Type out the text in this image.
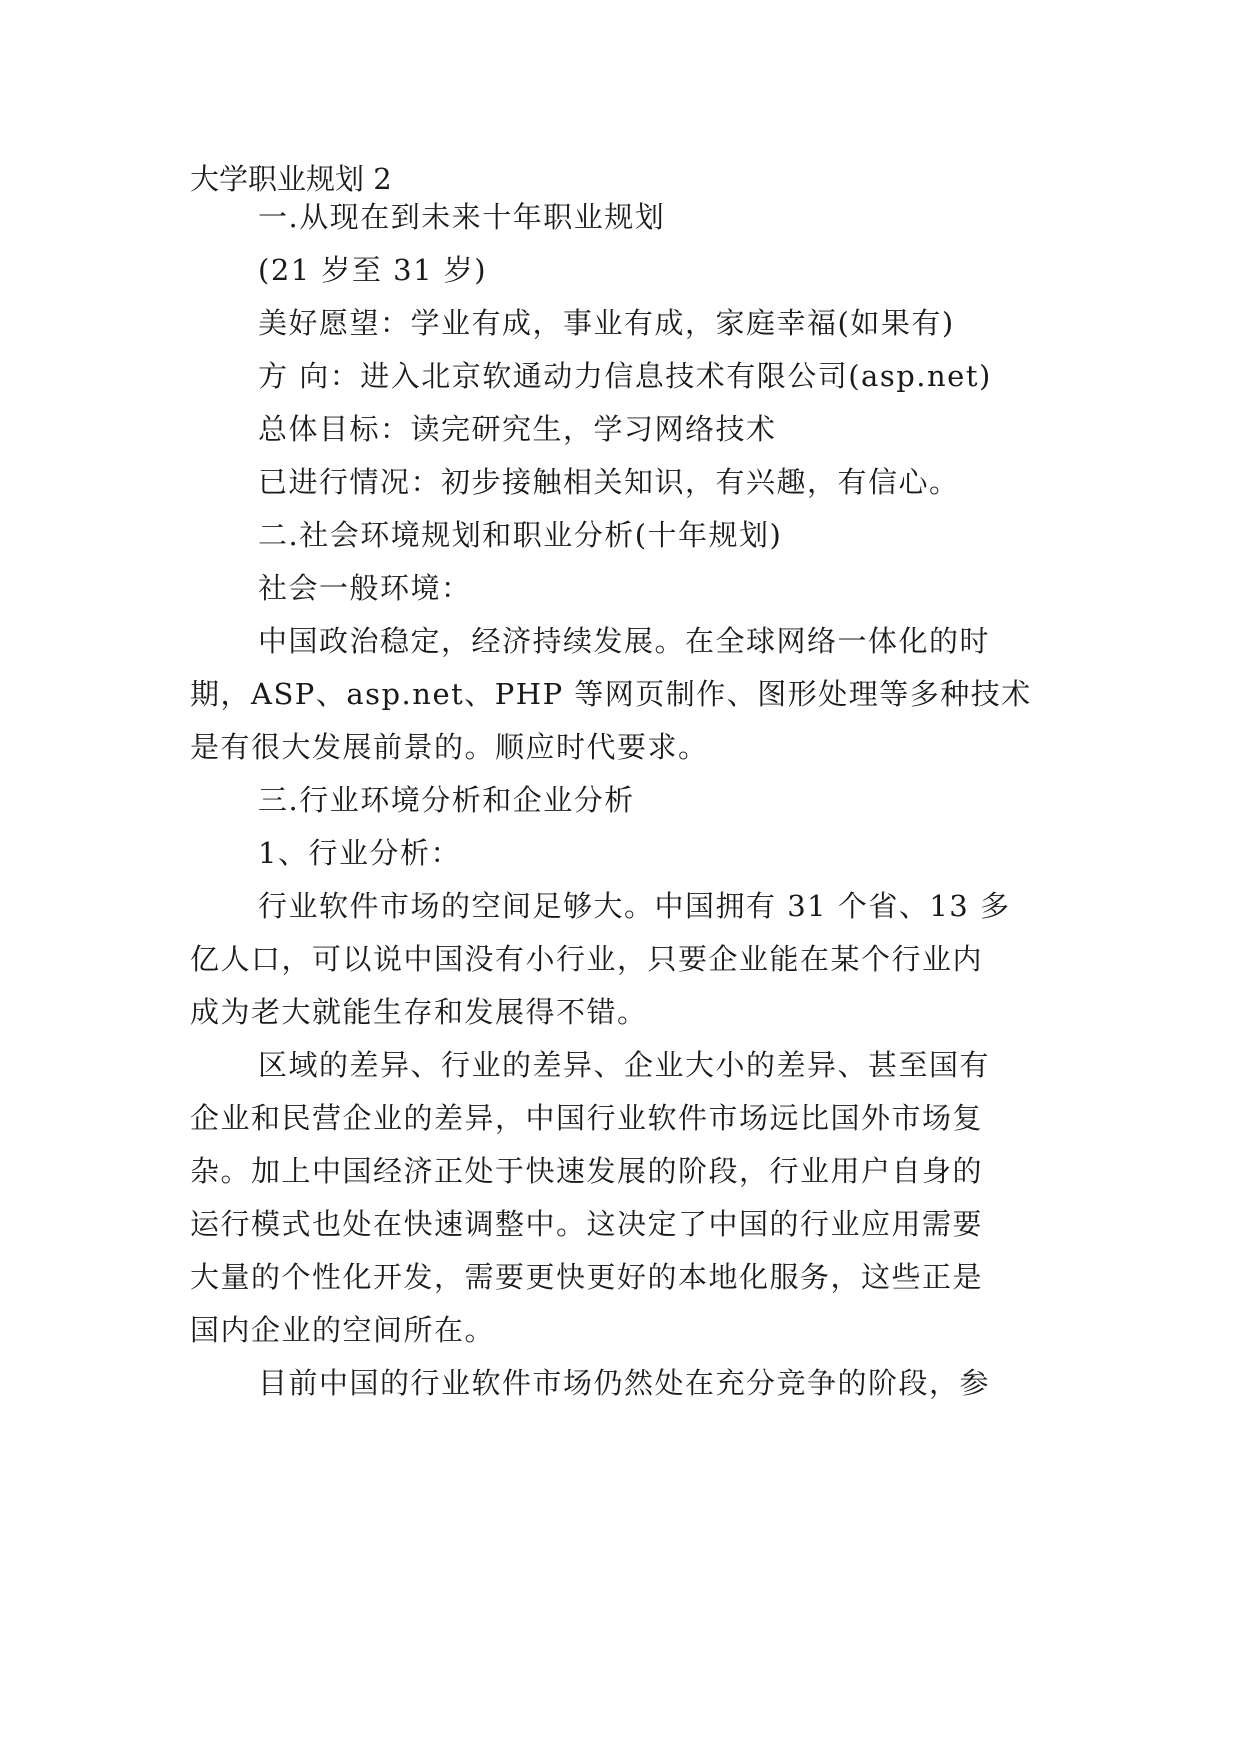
大学职业规划 2
一.从现在到未来十年职业规划
(21 岁至 31 岁)
美好愿望：学业有成，事业有成，家庭幸福(如果有)
方 向：进入北京软通动力信息技术有限公司(asp.net)
总体目标：读完研究生，学习网络技术
已进行情况：初步接触相关知识，有兴趣，有信心。
二.社会环境规划和职业分析(十年规划)
社会一般环境：
中国政治稳定，经济持续发展。在全球网络一体化的时
期，ASP、asp.net、PHP 等网页制作、图形处理等多种技术
是有很大发展前景的。顺应时代要求。
三.行业环境分析和企业分析
1、行业分析：
行业软件市场的空间足够大。中国拥有 31 个省、13 多
亿人口，可以说中国没有小行业，只要企业能在某个行业内
成为老大就能生存和发展得不错。
区域的差异、行业的差异、企业大小的差异、甚至国有
企业和民营企业的差异，中国行业软件市场远比国外市场复
杂。加上中国经济正处于快速发展的阶段，行业用户自身的
运行模式也处在快速调整中。这决定了中国的行业应用需要
大量的个性化开发，需要更快更好的本地化服务，这些正是
国内企业的空间所在。
目前中国的行业软件市场仍然处在充分竞争的阶段，参
